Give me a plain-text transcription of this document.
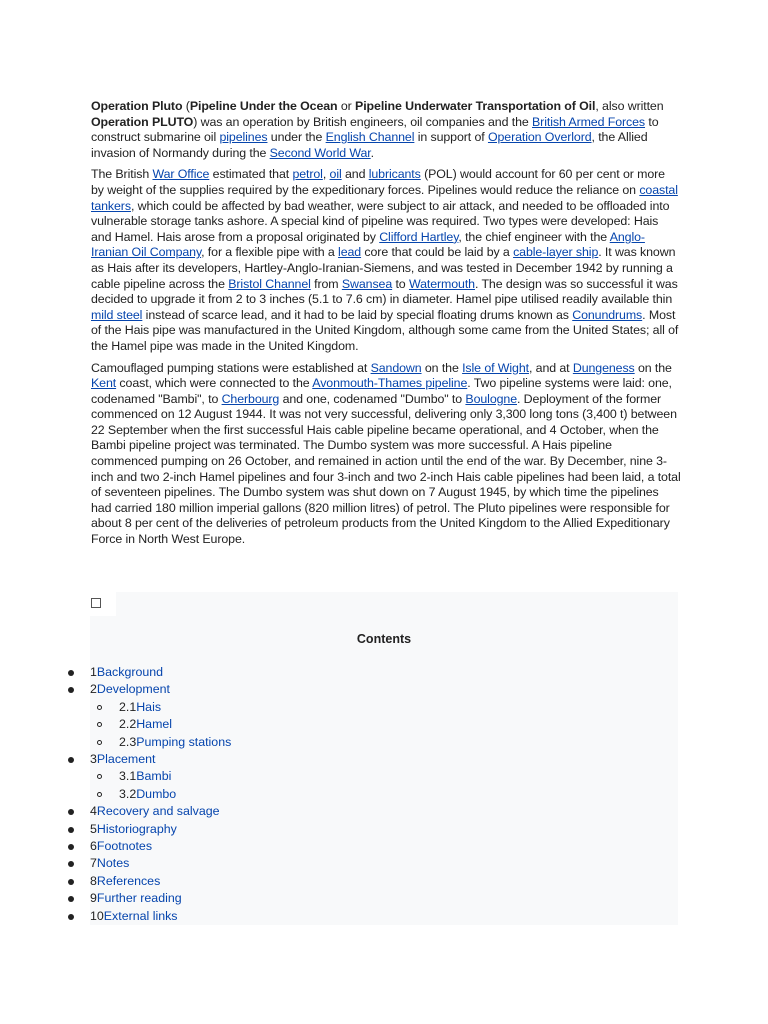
Operation Pluto (Pipeline Under the Ocean or Pipeline Underwater Transportation of Oil, also written Operation PLUTO) was an operation by British engineers, oil companies and the British Armed Forces to construct submarine oil pipelines under the English Channel in support of Operation Overlord, the Allied invasion of Normandy during the Second World War.

The British War Office estimated that petrol, oil and lubricants (POL) would account for 60 per cent or more by weight of the supplies required by the expeditionary forces. Pipelines would reduce the reliance on coastal tankers, which could be affected by bad weather, were subject to air attack, and needed to be offloaded into vulnerable storage tanks ashore. A special kind of pipeline was required. Two types were developed: Hais and Hamel. Hais arose from a proposal originated by Clifford Hartley, the chief engineer with the Anglo-Iranian Oil Company, for a flexible pipe with a lead core that could be laid by a cable-layer ship. It was known as Hais after its developers, Hartley-Anglo-Iranian-Siemens, and was tested in December 1942 by running a cable pipeline across the Bristol Channel from Swansea to Watermouth. The design was so successful it was decided to upgrade it from 2 to 3 inches (5.1 to 7.6 cm) in diameter. Hamel pipe utilised readily available thin mild steel instead of scarce lead, and it had to be laid by special floating drums known as Conundrums. Most of the Hais pipe was manufactured in the United Kingdom, although some came from the United States; all of the Hamel pipe was made in the United Kingdom.

Camouflaged pumping stations were established at Sandown on the Isle of Wight, and at Dungeness on the Kent coast, which were connected to the Avonmouth-Thames pipeline. Two pipeline systems were laid: one, codenamed "Bambi", to Cherbourg and one, codenamed "Dumbo" to Boulogne. Deployment of the former commenced on 12 August 1944. It was not very successful, delivering only 3,300 long tons (3,400 t) between 22 September when the first successful Hais cable pipeline became operational, and 4 October, when the Bambi pipeline project was terminated. The Dumbo system was more successful. A Hais pipeline commenced pumping on 26 October, and remained in action until the end of the war. By December, nine 3-inch and two 2-inch Hamel pipelines and four 3-inch and two 2-inch Hais cable pipelines had been laid, a total of seventeen pipelines. The Dumbo system was shut down on 7 August 1945, by which time the pipelines had carried 180 million imperial gallons (820 million litres) of petrol. The Pluto pipelines were responsible for about 8 per cent of the deliveries of petroleum products from the United Kingdom to the Allied Expeditionary Force in North West Europe.

Contents
1Background
2Development
2.1Hais
2.2Hamel
2.3Pumping stations
3Placement
3.1Bambi
3.2Dumbo
4Recovery and salvage
5Historiography
6Footnotes
7Notes
8References
9Further reading
10External links
